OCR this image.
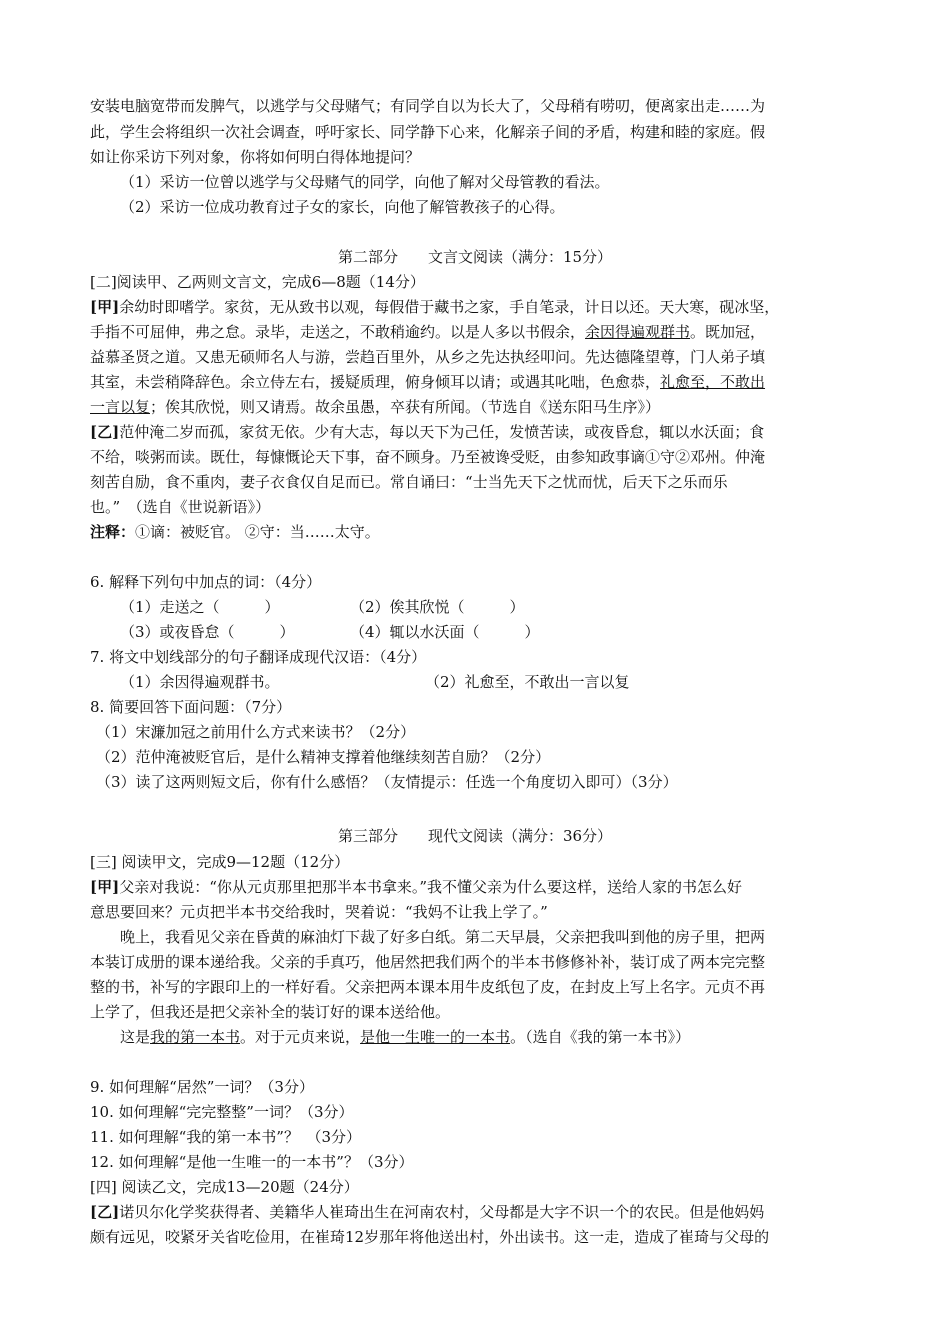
安装电脑宽带而发脾气，以逃学与父母赌气；有同学自以为长大了，父母稍有唠叨，便离家出走……为
此，学生会将组织一次社会调查，呼吁家长、同学静下心来，化解亲子间的矛盾，构建和睦的家庭。假
如让你采访下列对象，你将如何明白得体地提问？
（1）采访一位曾以逃学与父母赌气的同学，向他了解对父母管教的看法。
（2）采访一位成功教育过子女的家长，向他了解管教孩子的心得。
第二部分　　文言文阅读（满分：15分）
[二]阅读甲、乙两则文言文，完成6—8题（14分）
[甲]余幼时即嗜学。家贫，无从致书以观，每假借于藏书之家，手自笔录，计日以还。天大寒，砚冰坚，
手指不可屈伸，弗之怠。录毕，走送之，不敢稍逾约。以是人多以书假余，余因得遍观群书。既加冠，
益慕圣贤之道。又患无硕师名人与游，尝趋百里外，从乡之先达执经叩问。先达德隆望尊，门人弟子填
其室，未尝稍降辞色。余立侍左右，援疑质理，俯身倾耳以请；或遇其叱咄，色愈恭，礼愈至，不敢出
一言以复；俟其欣悦，则又请焉。故余虽愚，卒获有所闻。（节选自《送东阳马生序》）
[乙]范仲淹二岁而孤，家贫无依。少有大志，每以天下为己任，发愤苦读，或夜昏怠，辄以水沃面；食
不给，啖粥而读。既仕，每慷慨论天下事，奋不顾身。乃至被谗受贬，由参知政事谪①守②邓州。仲淹
刻苦自励，食不重肉，妻子衣食仅自足而已。常自诵曰：“士当先天下之忧而忧，后天下之乐而乐
也。”　（选自《世说新语》）
注释：①谪：被贬官。 ②守：当……太守。
6. 解释下列句中加点的词：（4分）
（1）走送之（　　　）	（2）俟其欣悦（　　　）
（3）或夜昏怠（　　　）	（4）辄以水沃面（　　　）
7. 将文中划线部分的句子翻译成现代汉语：（4分）
（1）余因得遍观群书。	（2）礼愈至，不敢出一言以复
8. 简要回答下面问题：（7分）
（1）宋濂加冠之前用什么方式来读书？（2分）
（2）范仲淹被贬官后，是什么精神支撑着他继续刻苦自励？（2分）
（3）读了这两则短文后，你有什么感悟？（友情提示：任选一个角度切入即可）（3分）
第三部分　　现代文阅读（满分：36分）
[三] 阅读甲文，完成9—12题（12分）
[甲]父亲对我说：“你从元贞那里把那半本书拿来。”我不懂父亲为什么要这样，送给人家的书怎么好
意思要回来？元贞把半本书交给我时，哭着说：“我妈不让我上学了。”
晚上，我看见父亲在昏黄的麻油灯下裁了好多白纸。第二天早晨，父亲把我叫到他的房子里，把两
本装订成册的课本递给我。父亲的手真巧，他居然把我们两个的半本书修修补补，装订成了两本完完整
整的书，补写的字跟印上的一样好看。父亲把两本课本用牛皮纸包了皮，在封皮上写上名字。元贞不再
上学了，但我还是把父亲补全的装订好的课本送给他。
这是我的第一本书。对于元贞来说，是他一生唯一的一本书。（选自《我的第一本书》）
9. 如何理解“居然”一词？（3分）
10. 如何理解“完完整整”一词？（3分）
11. 如何理解“我的第一本书”？　（3分）
12. 如何理解“是他一生唯一的一本书”？（3分）
[四] 阅读乙文，完成13—20题（24分）
[乙]诺贝尔化学奖获得者、美籍华人崔琦出生在河南农村，父母都是大字不识一个的农民。但是他妈妈
颇有远见，咬紧牙关省吃俭用，在崔琦12岁那年将他送出村，外出读书。这一走，造成了崔琦与父母的
